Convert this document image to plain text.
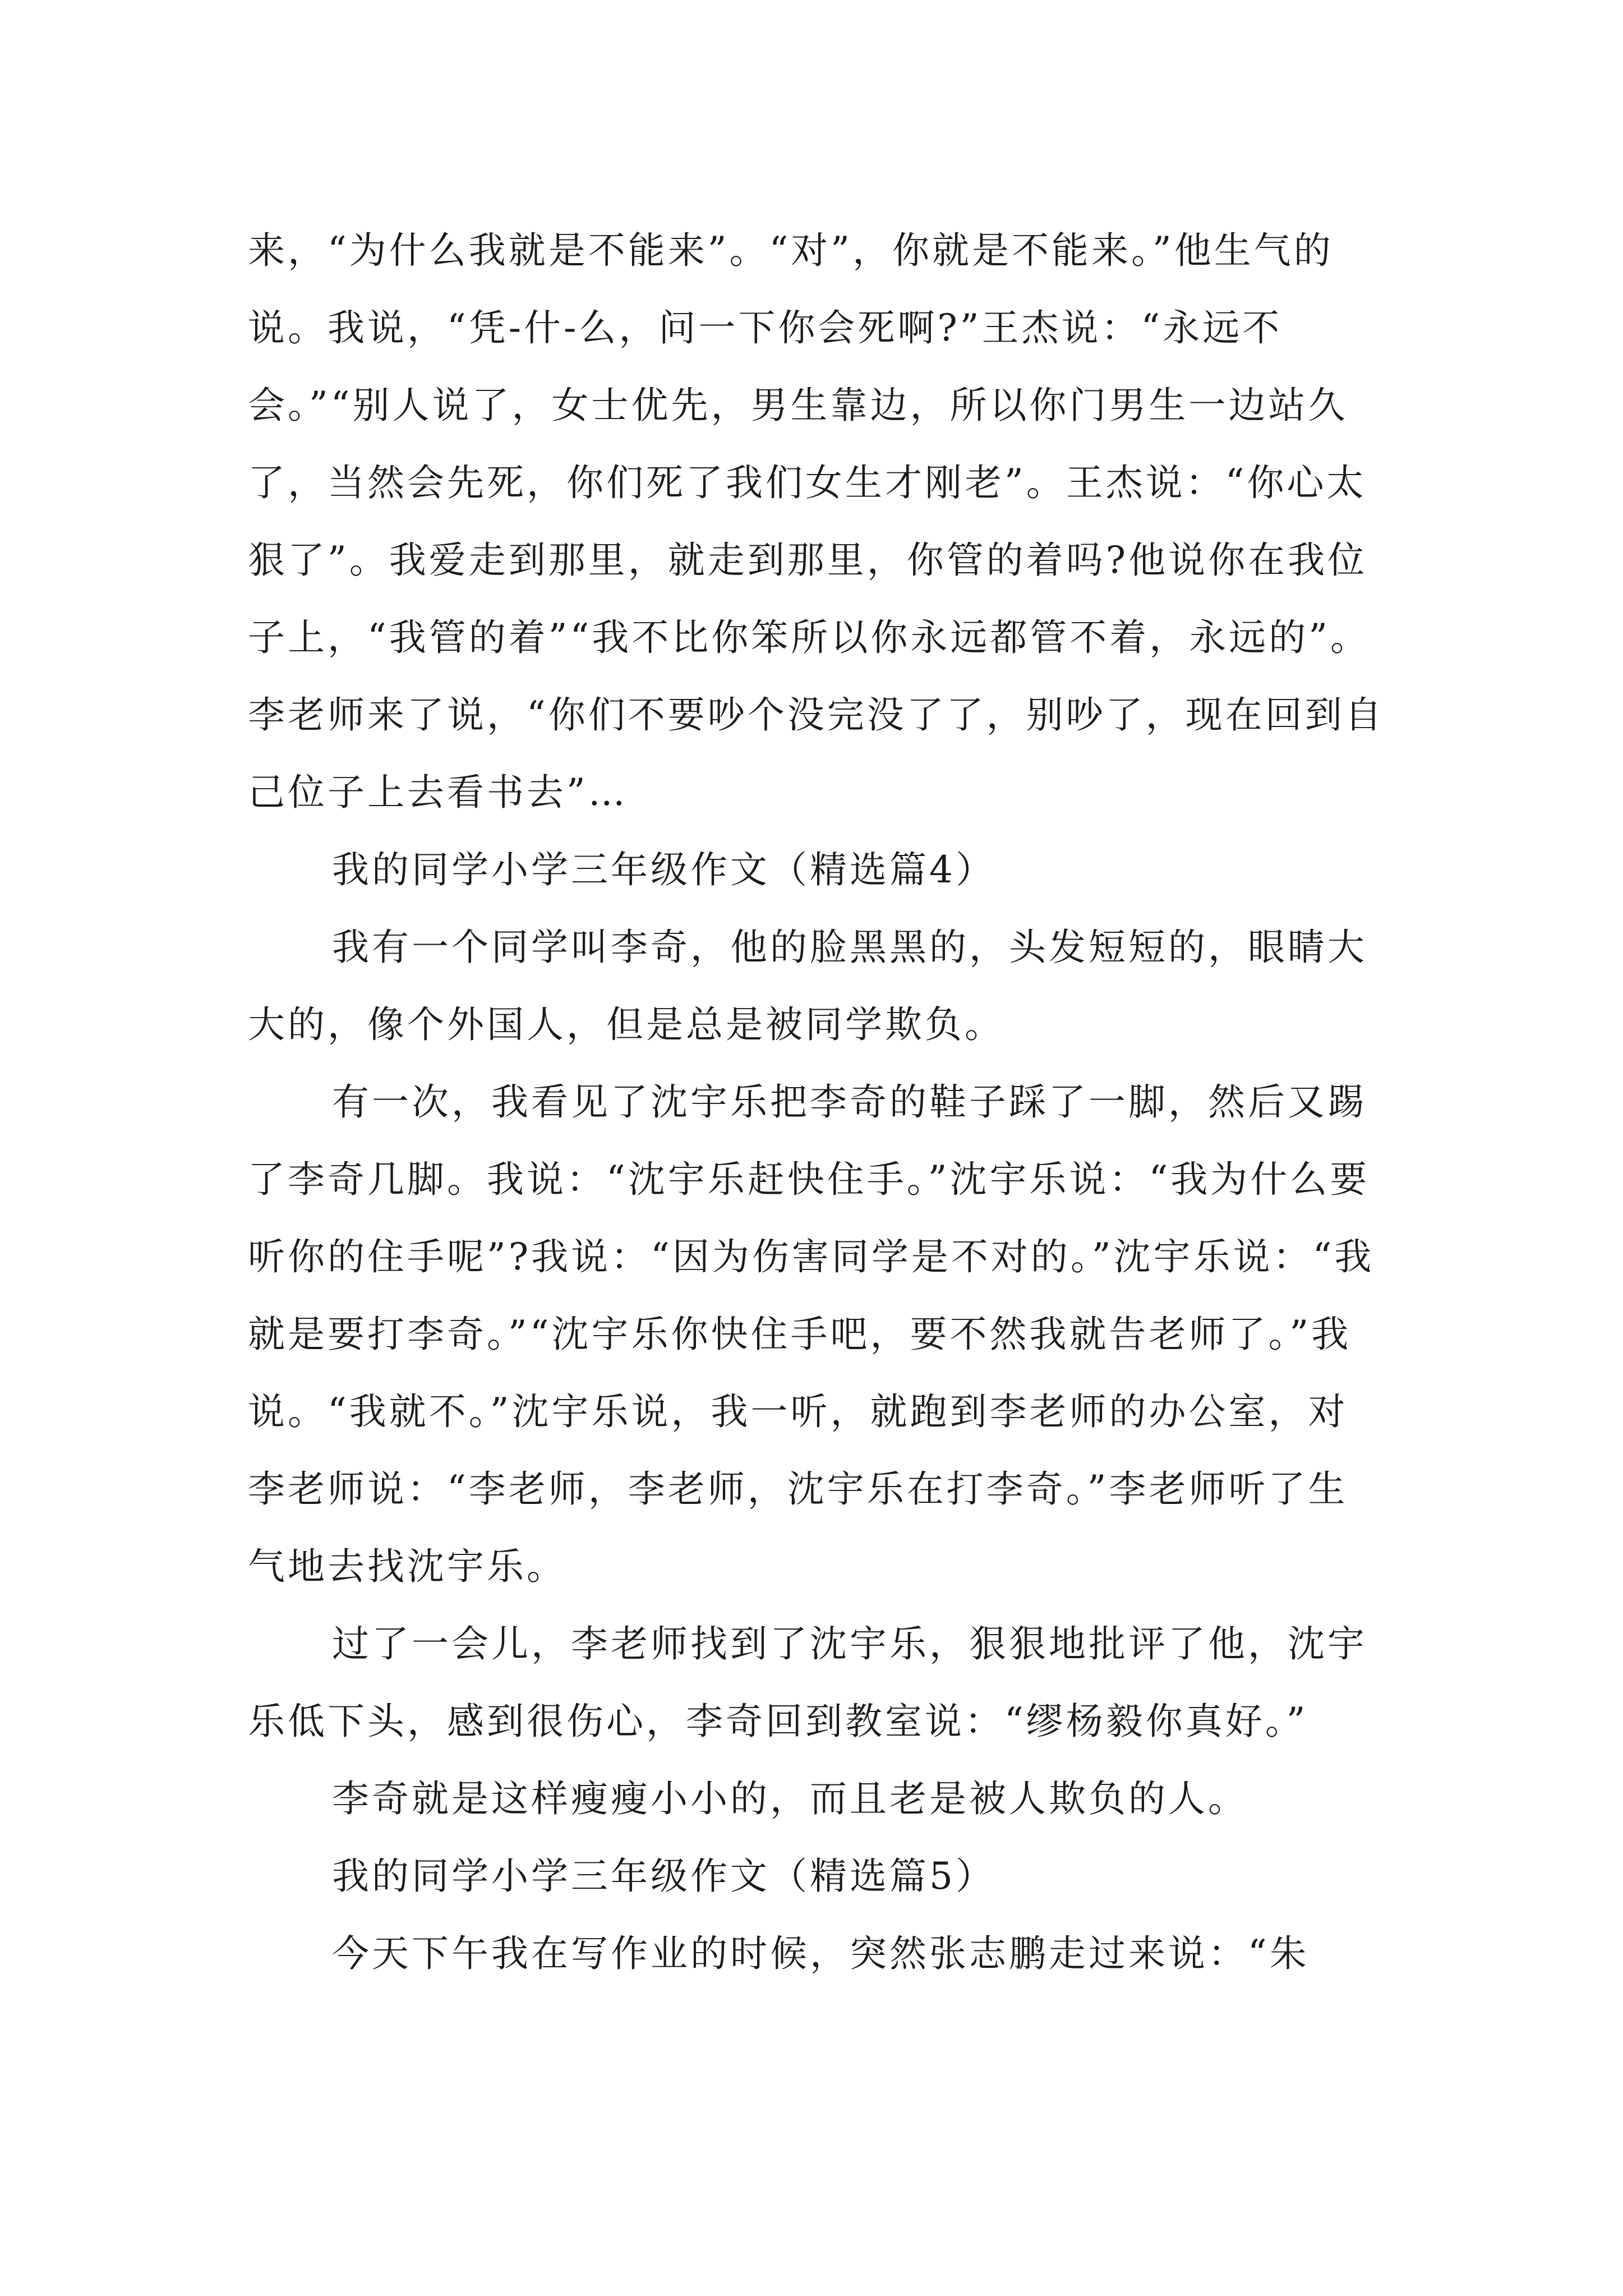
来，“为什么我就是不能来”。“对”，你就是不能来。”他生气的说。我说，“凭-什-么，问一下你会死啊?”王杰说：“永远不会。”“别人说了，女士优先，男生靠边，所以你门男生一边站久了，当然会先死，你们死了我们女生才刚老”。王杰说：“你心太狠了”。我爱走到那里，就走到那里，你管的着吗?他说你在我位子上，“我管的着”“我不比你笨所以你永远都管不着，永远的”。李老师来了说，“你们不要吵个没完没了了，别吵了，现在回到自己位子上去看书去”…

我的同学小学三年级作文（精选篇4）

我有一个同学叫李奇，他的脸黑黑的，头发短短的，眼睛大大的，像个外国人，但是总是被同学欺负。

有一次，我看见了沈宇乐把李奇的鞋子踩了一脚，然后又踢了李奇几脚。我说：“沈宇乐赶快住手。”沈宇乐说：“我为什么要听你的住手呢”?我说：“因为伤害同学是不对的。”沈宇乐说：“我就是要打李奇。”“沈宇乐你快住手吧，要不然我就告老师了。”我说。“我就不。”沈宇乐说，我一听，就跑到李老师的办公室，对李老师说：“李老师，李老师，沈宇乐在打李奇。”李老师听了生气地去找沈宇乐。

过了一会儿，李老师找到了沈宇乐，狠狠地批评了他，沈宇乐低下头，感到很伤心，李奇回到教室说：“缪杨毅你真好。”

李奇就是这样瘦瘦小小的，而且老是被人欺负的人。

我的同学小学三年级作文（精选篇5）

今天下午我在写作业的时候，突然张志鹏走过来说：“朱
